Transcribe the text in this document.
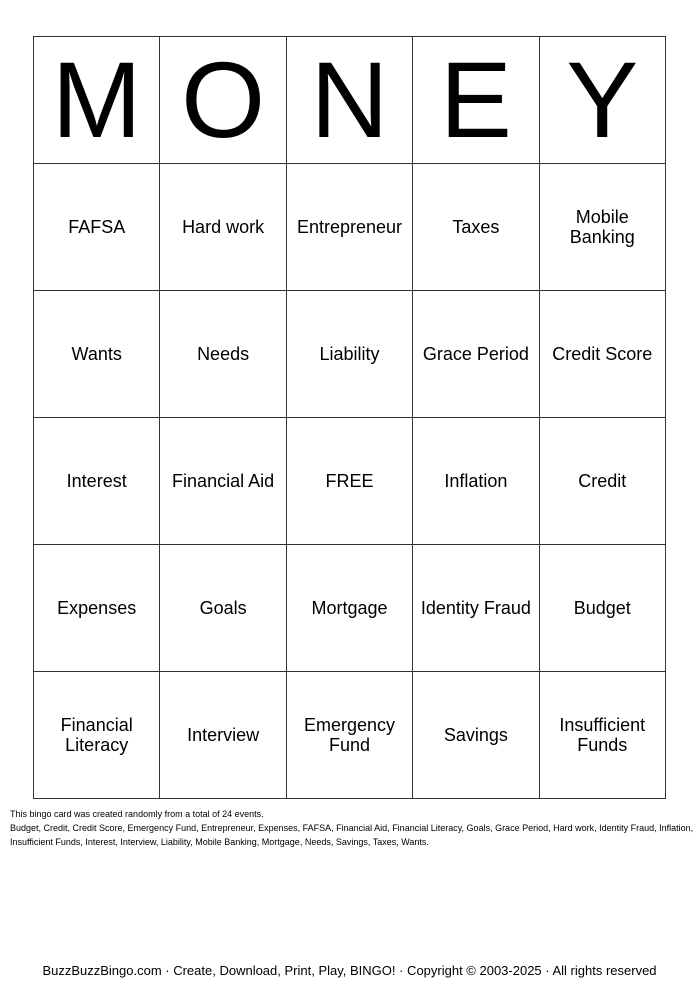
M	O	N	E	Y
FAFSA	Hard work	Entrepreneur	Taxes	Mobile Banking
Wants	Needs	Liability	Grace Period	Credit Score
Interest	Financial Aid	FREE	Inflation	Credit
Expenses	Goals	Mortgage	Identity Fraud	Budget
Financial Literacy	Interview	Emergency Fund	Savings	Insufficient Funds

This bingo card was created randomly from a total of 24 events.

Budget, Credit, Credit Score, Emergency Fund, Entrepreneur, Expenses, FAFSA, Financial Aid, Financial Literacy, Goals, Grace Period, Hard work, Identity Fraud, Inflation, Insufficient Funds, Interest, Interview, Liability, Mobile Banking, Mortgage, Needs, Savings, Taxes, Wants.

BuzzBuzzBingo.com · Create, Download, Print, Play, BINGO! · Copyright © 2003-2025 · All rights reserved
